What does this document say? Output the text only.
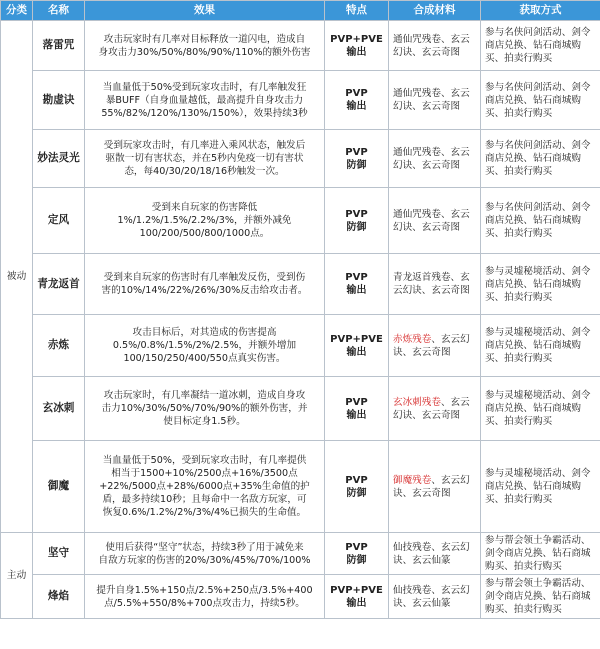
分类	名称	效果	特点	合成材料	获取方式
被动	落雷咒	攻击玩家时有几率对目标释放一道闪电，造成自
身攻击力30%/50%/80%/90%/110%的额外伤害	PVP+PVE
输出	通仙咒残卷、玄云幻诀、玄云奇图	参与名侠问剑活动、剑令商店兑换、钻石商城购买、拍卖行购买
	勘虚诀	当血量低于50%受到玩家攻击时，有几率触发狂
暴BUFF（自身血量越低，最高提升自身攻击力
55%/82%/120%/130%/150%），效果持续3秒	PVP
输出	通仙咒残卷、玄云幻诀、玄云奇图	参与名侠问剑活动、剑令商店兑换、钻石商城购买、拍卖行购买
	妙法灵光	受到玩家攻击时，有几率进入乘风状态，触发后
驱散一切有害状态，并在5秒内免疫一切有害状
态，每40/30/20/18/16秒触发一次。	PVP
防御	通仙咒残卷、玄云幻诀、玄云奇图	参与名侠问剑活动、剑令商店兑换、钻石商城购买、拍卖行购买
	定风	受到来自玩家的伤害降低
1%/1.2%/1.5%/2.2%/3%，并额外减免
100/200/500/800/1000点。	PVP
防御	通仙咒残卷、玄云幻诀、玄云奇图	参与名侠问剑活动、剑令商店兑换、钻石商城购买、拍卖行购买
	青龙返首	受到来自玩家的伤害时有几率触发反伤，受到伤
害的10%/14%/22%/26%/30%反击给攻击者。	PVP
输出	青龙返首残卷、玄云幻诀、玄云奇图	参与灵墟秘境活动、剑令商店兑换、钻石商城购买、拍卖行购买
	赤炼	攻击目标后，对其造成的伤害提高
0.5%/0.8%/1.5%/2%/2.5%，并额外增加
100/150/250/400/550点真实伤害。	PVP+PVE
输出	赤炼残卷、玄云幻诀、玄云奇图	参与灵墟秘境活动、剑令商店兑换、钻石商城购买、拍卖行购买
	玄冰刺	攻击玩家时，有几率凝结一道冰刺，造成自身攻
击力10%/30%/50%/70%/90%的额外伤害，并
使目标定身1.5秒。	PVP
输出	玄冰刺残卷、玄云幻诀、玄云奇图	参与灵墟秘境活动、剑令商店兑换、钻石商城购买、拍卖行购买
	御魔	当血量低于50%，受到玩家攻击时，有几率提供
相当于1500+10%/2500点+16%/3500点
+22%/5000点+28%/6000点+35%生命值的护
盾，最多持续10秒；且每命中一名敌方玩家，可
恢复0.6%/1.2%/2%/3%/4%已损失的生命值。	PVP
防御	御魔残卷、玄云幻诀、玄云奇图	参与灵墟秘境活动、剑令商店兑换、钻石商城购买、拍卖行购买
主动	坚守	使用后获得“坚守”状态，持续3秒了用于减免来
自敌方玩家的伤害的20%/30%/45%/70%/100%	PVP
防御	仙技残卷、玄云幻诀、玄云仙篆	参与帮会领土争霸活动、剑令商店兑换、钻石商城购买、拍卖行购买
	烽焰	提升自身1.5%+150点/2.5%+250点/3.5%+400
点/5.5%+550/8%+700点攻击力，持续5秒。	PVP+PVE
输出	仙技残卷、玄云幻诀、玄云仙篆	参与帮会领土争霸活动、剑令商店兑换、钻石商城购买、拍卖行购买
